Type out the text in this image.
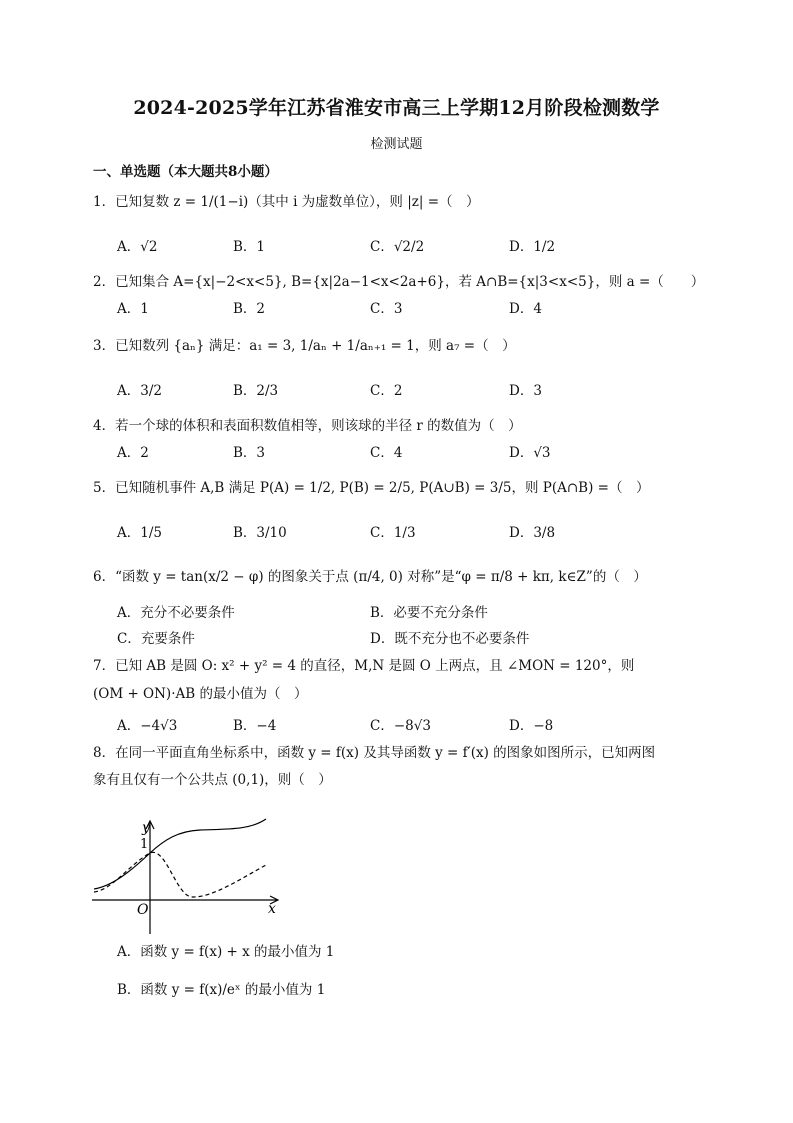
2024-2025学年江苏省淮安市高三上学期12月阶段检测数学
检测试题
一、单选题（本大题共8小题）
1．已知复数 z = 1/(1−i)（其中 i 为虚数单位），则 |z| =（　）
A．√2	B．1	C．√2/2	D．1/2
2．已知集合 A={x|−2<x<5}, B={x|2a−1<x<2a+6}，若 A∩B={x|3<x<5}，则 a =（　　）
A．1	B．2	C．3	D．4
3．已知数列 {aₙ} 满足：a₁ = 3, 1/aₙ + 1/aₙ₊₁ = 1，则 a₇ =（　）
A．3/2	B．2/3	C．2	D．3
4．若一个球的体积和表面积数值相等，则该球的半径 r 的数值为（　）
A．2	B．3	C．4	D．√3
5．已知随机事件 A,B 满足 P(A) = 1/2, P(B) = 2/5, P(A∪B) = 3/5，则 P(A∩B) =（　）
A．1/5	B．3/10	C．1/3	D．3/8
6．“函数 y = tan(x/2 − φ) 的图象关于点 (π/4, 0) 对称”是“φ = π/8 + kπ, k∈Z”的（　）
A．充分不必要条件	B．必要不充分条件
C．充要条件	D．既不充分也不必要条件
7．已知 AB 是圆 O: x² + y² = 4 的直径，M,N 是圆 O 上两点，且 ∠MON = 120°，则
(OM + ON)·AB 的最小值为（　）
A．−4√3	B．−4	C．−8√3	D．−8
8．在同一平面直角坐标系中，函数 y = f(x) 及其导函数 y = f′(x) 的图象如图所示，已知两图
象有且仅有一个公共点 (0,1)，则（　）
1
O	x
y
A．函数 y = f(x) + x 的最小值为 1
B．函数 y = f(x)/eˣ 的最小值为 1
